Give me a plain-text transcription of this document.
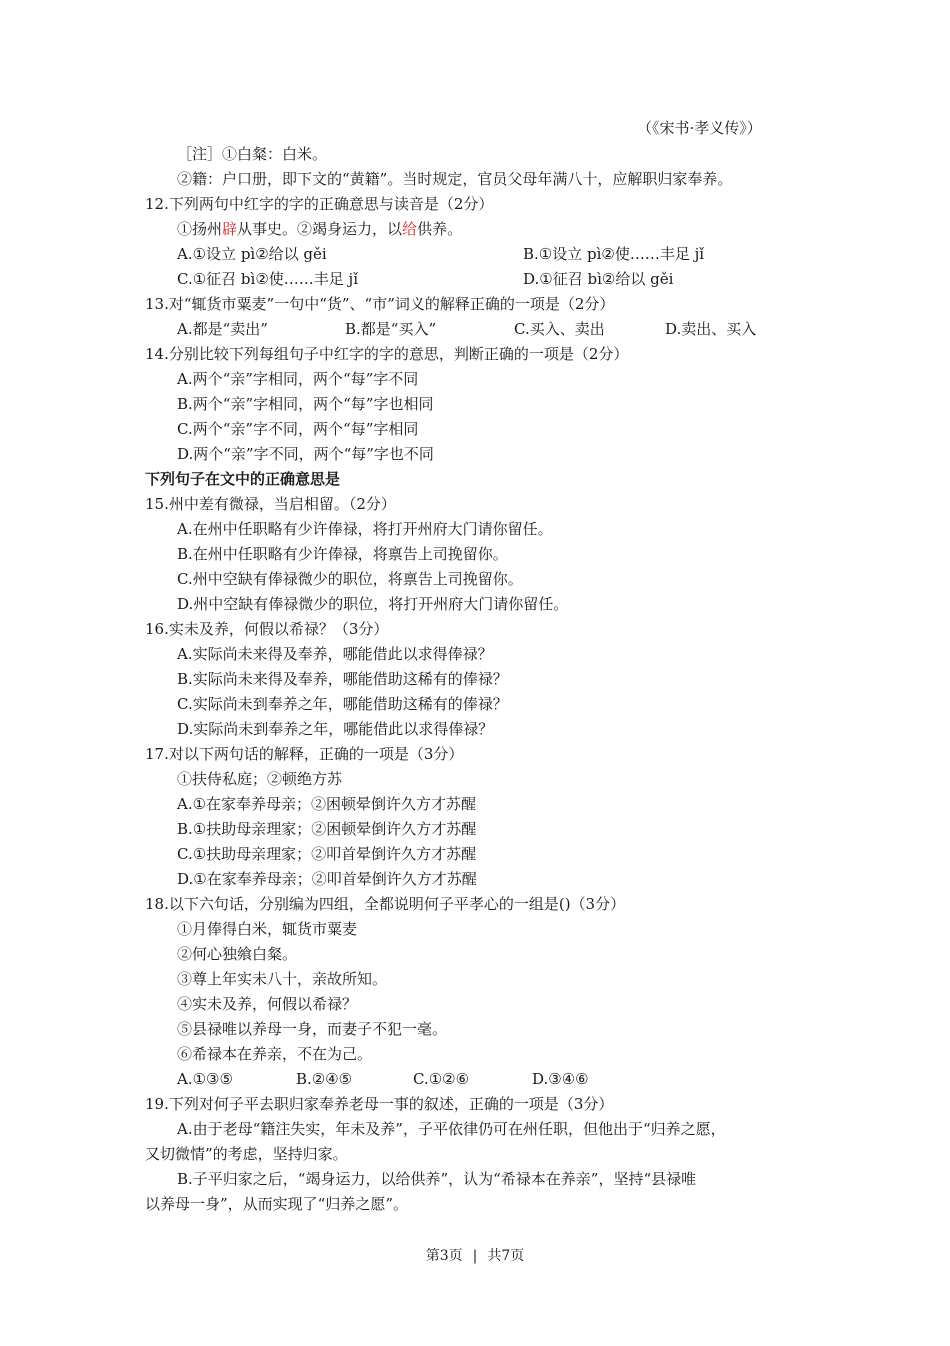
（《宋书·孝义传》）
［注］①白粲：白米。
②籍：户口册，即下文的“黄籍”。当时规定，官员父母年满八十，应解职归家奉养。
12.下列两句中红字的字的正确意思与读音是（2分）
①扬州辟从事史。②竭身运力，以给供养。
A.①设立 pì②给以 gěi	B.①设立 pì②使……丰足 jǐ
C.①征召 bì②使……丰足 jǐ	D.①征召 bì②给以 gěi
13.对“辄货市粟麦”一句中“货”、“市”词义的解释正确的一项是（2分）
A.都是“卖出”	B.都是“买入”	C.买入、卖出	D.卖出、买入
14.分别比较下列每组句子中红字的字的意思，判断正确的一项是（2分）
A.两个“亲”字相同，两个“每”字不同
B.两个“亲”字相同，两个“每”字也相同
C.两个“亲”字不同，两个“每”字相同
D.两个“亲”字不同，两个“每”字也不同
下列句子在文中的正确意思是
15.州中差有微禄，当启相留。（2分）
A.在州中任职略有少许俸禄，将打开州府大门请你留任。
B.在州中任职略有少许俸禄，将禀告上司挽留你。
C.州中空缺有俸禄微少的职位，将禀告上司挽留你。
D.州中空缺有俸禄微少的职位，将打开州府大门请你留任。
16.实未及养，何假以希禄？（3分）
A.实际尚未来得及奉养，哪能借此以求得俸禄？
B.实际尚未来得及奉养，哪能借助这稀有的俸禄？
C.实际尚未到奉养之年，哪能借助这稀有的俸禄？
D.实际尚未到奉养之年，哪能借此以求得俸禄？
17.对以下两句话的解释，正确的一项是（3分）
①扶侍私庭；②顿绝方苏
A.①在家奉养母亲；②困顿晕倒许久方才苏醒
B.①扶助母亲理家；②困顿晕倒许久方才苏醒
C.①扶助母亲理家；②叩首晕倒许久方才苏醒
D.①在家奉养母亲；②叩首晕倒许久方才苏醒
18.以下六句话，分别编为四组，全都说明何子平孝心的一组是()（3分）
①月俸得白米，辄货市粟麦
②何心独飨白粲。
③尊上年实未八十，亲故所知。
④实未及养，何假以希禄？
⑤县禄唯以养母一身，而妻子不犯一毫。
⑥希禄本在养亲，不在为己。
A.①③⑤	B.②④⑤	C.①②⑥	D.③④⑥
19.下列对何子平去职归家奉养老母一事的叙述，正确的一项是（3分）
A.由于老母“籍注失实，年未及养”，子平依律仍可在州任职，但他出于“归养之愿，
又切微情”的考虑，坚持归家。
B.子平归家之后，“竭身运力，以给供养”，认为“希禄本在养亲”，坚持“县禄唯
以养母一身”，从而实现了“归养之愿”。
第3页 | 共7页
